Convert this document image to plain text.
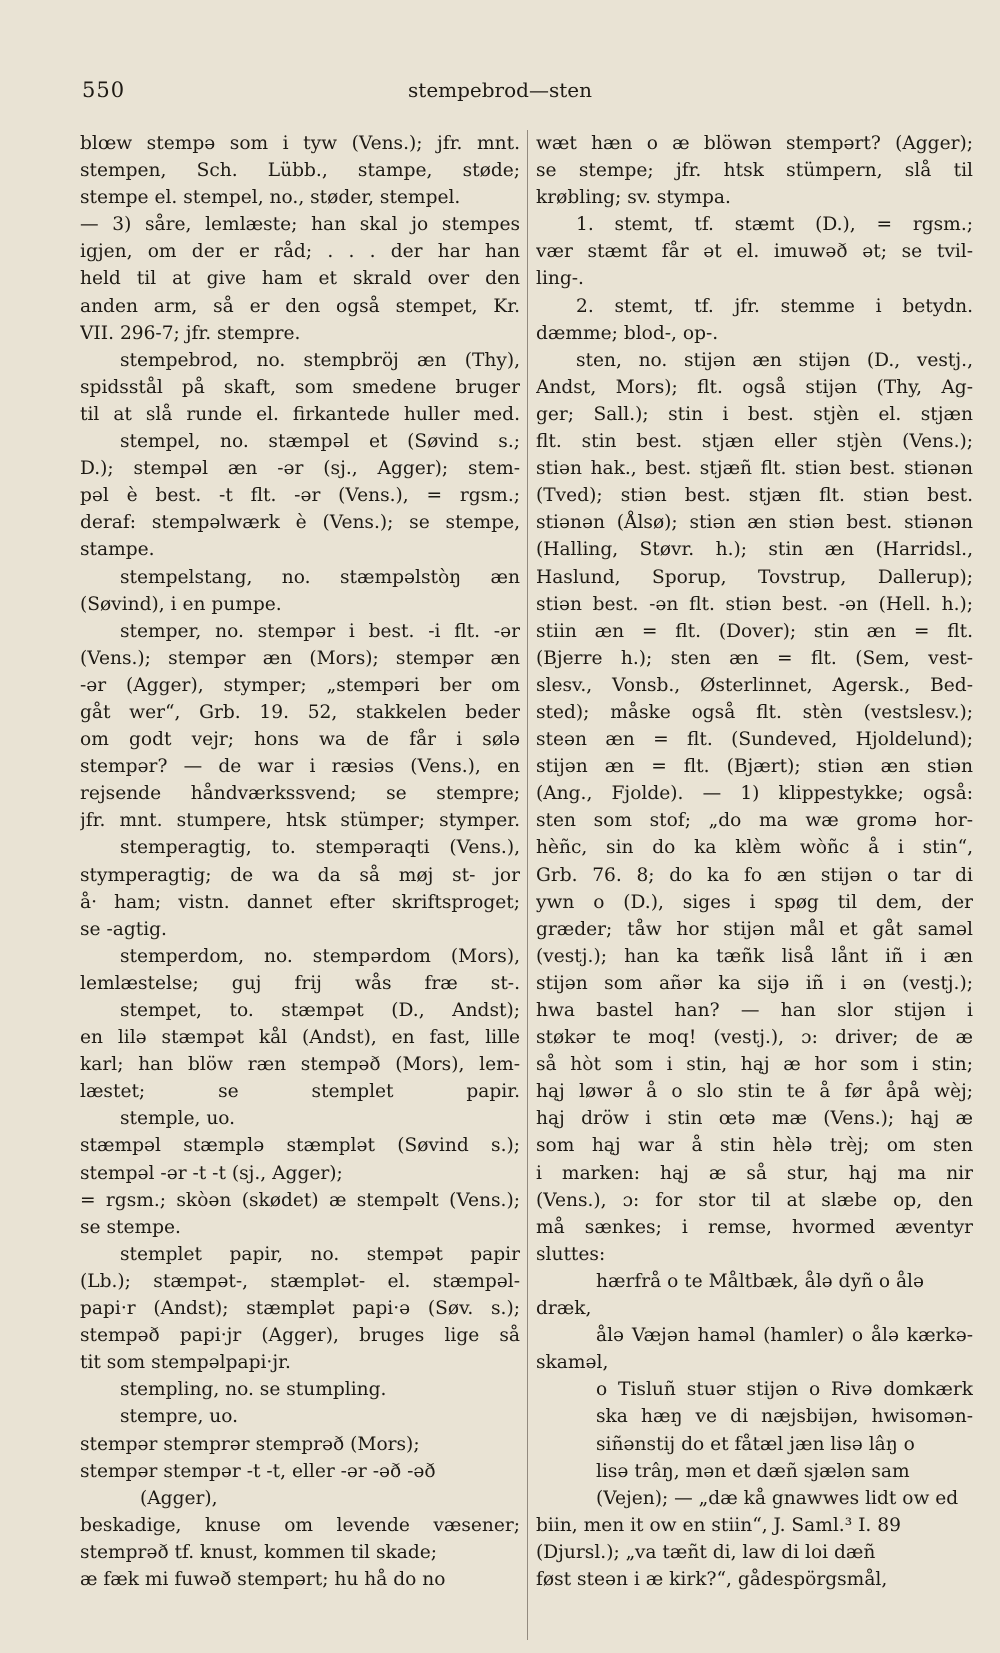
550	stempebrod—sten
blœw stempə som i tyw (Vens.); jfr. mnt.
stempen, Sch. Lübb., stampe, støde;
stempe el. stempel, no., støder, stempel.
— 3) såre, lemlæste; han skal jo stempes
igjen, om der er råd; . . . der har han
held til at give ham et skrald over den
anden arm, så er den også stempet, Kr.
VII. 296-7; jfr. stempre.
stempebrod, no. stempbröj æn (Thy),
spidsstål på skaft, som smedene bruger
til at slå runde el. firkantede huller med.
stempel, no. stæmpəl et (Søvind s.;
D.); stempəl æn -ər (sj., Agger); stem-
pəl è best. -t flt. -ər (Vens.), = rgsm.;
deraf: stempəlwærk è (Vens.); se stempe,
stampe.
stempelstang, no. stæmpəlstòŋ æn
(Søvind), i en pumpe.
stemper, no. stempər i best. -i flt. -ər
(Vens.); stempər æn (Mors); stempər æn
-ər (Agger), stymper; „stempəri ber om
gåt wer“, Grb. 19. 52, stakkelen beder
om godt vejr; hons wa de får i sølə
stempər? — de war i ræsiəs (Vens.), en
rejsende håndværkssvend; se stempre;
jfr. mnt. stumpere, htsk stümper; stymper.
stemperagtig, to. stempəraqti (Vens.),
stymperagtig; de wa da så møj st- jor
å· ham; vistn. dannet efter skriftsproget;
se -agtig.
stemperdom, no. stempərdom (Mors),
lemlæstelse; guj frij wås fræ st-.
stempet, to. stæmpət (D., Andst);
en lilə stæmpət kål (Andst), en fast, lille
karl; han blöw ræn stempəð (Mors), lem-
læstet; se stemplet papir.
stemple, uo.
stæmpəl stæmplə stæmplət (Søvind s.);
stempəl -ər -t -t (sj., Agger);
= rgsm.; skòən (skødet) æ stempəlt (Vens.);
se stempe.
stemplet papir, no. stempət papir
(Lb.); stæmpət-, stæmplət- el. stæmpəl-
papi·r (Andst); stæmplət papi·ə (Søv. s.);
stempəð papi·jr (Agger), bruges lige så
tit som stempəlpapi·jr.
stempling, no. se stumpling.
stempre, uo.
stempər stemprər stemprəð (Mors);
stempər stempər -t -t, eller -ər -əð -əð
(Agger),
beskadige, knuse om levende væsener;
stemprəð tf. knust, kommen til skade;
æ fæk mi fuwəð stempərt; hu hå do no
wæt hæn o æ blöwən stempərt? (Agger);
se stempe; jfr. htsk stümpern, slå til
krøbling; sv. stympa.
1. stemt, tf. stæmt (D.), = rgsm.;
vær stæmt får ət el. imuwəð ət; se tvil-
ling-.
2. stemt, tf. jfr. stemme i betydn.
dæmme; blod-, op-.
sten, no. stijən æn stijən (D., vestj.,
Andst, Mors); flt. også stijən (Thy, Ag-
ger; Sall.); stin i best. stjèn el. stjæn
flt. stin best. stjæn eller stjèn (Vens.);
stiən hak., best. stjæñ flt. stiən best. stiənən
(Tved); stiən best. stjæn flt. stiən best.
stiənən (Ålsø); stiən æn stiən best. stiənən
(Halling, Støvr. h.); stin æn (Harridsl.,
Haslund, Sporup, Tovstrup, Dallerup);
stiən best. -ən flt. stiən best. -ən (Hell. h.);
stiin æn = flt. (Dover); stin æn = flt.
(Bjerre h.); sten æn = flt. (Sem, vest-
slesv., Vonsb., Østerlinnet, Agersk., Bed-
sted); måske også flt. stèn (vestslesv.);
steən æn = flt. (Sundeved, Hjoldelund);
stijən æn = flt. (Bjært); stiən æn stiən
(Ang., Fjolde). — 1) klippestykke; også:
sten som stof; „do ma wæ gromə hor-
hèñc, sin do ka klèm wòñc å i stin“,
Grb. 76. 8; do ka fo æn stijən o tar di
ywn o (D.), siges i spøg til dem, der
græder; tåw hor stijən mål et gåt saməl
(vestj.); han ka tæñk liså lånt iñ i æn
stijən som añər ka sijə iñ i ən (vestj.);
hwa bastel han? — han slor stijən i
støkər te moq! (vestj.), ɔ: driver; de æ
så hòt som i stin, hąj æ hor som i stin;
hąj løwər å o slo stin te å før åpå wèj;
hąj dröw i stin œtə mæ (Vens.); hąj æ
som hąj war å stin hèlə trèj; om sten
i marken: hąj æ så stur, hąj ma nir
(Vens.), ɔ: for stor til at slæbe op, den
må sænkes; i remse, hvormed æventyr
sluttes:
hærfrå o te Måltbæk, ålə dyñ o ålə
dræk,
ålə Væjən haməl (hamler) o ålə kærkə-
skaməl,
o Tisluñ stuər stijən o Rivə domkærk
ska hæŋ ve di næjsbijən, hwisomən-
siñənstij do et fåtæl jæn lisə lâŋ o
lisə trâŋ, mən et dæñ sjælən sam
(Vejen); — „dæ kå gnawwes lidt ow ed
biin, men it ow en stiin“, J. Saml.³ I. 89
(Djursl.); „va tæñt di, law di loi dæñ
føst steən i æ kirk?“, gådespörgsmål,
